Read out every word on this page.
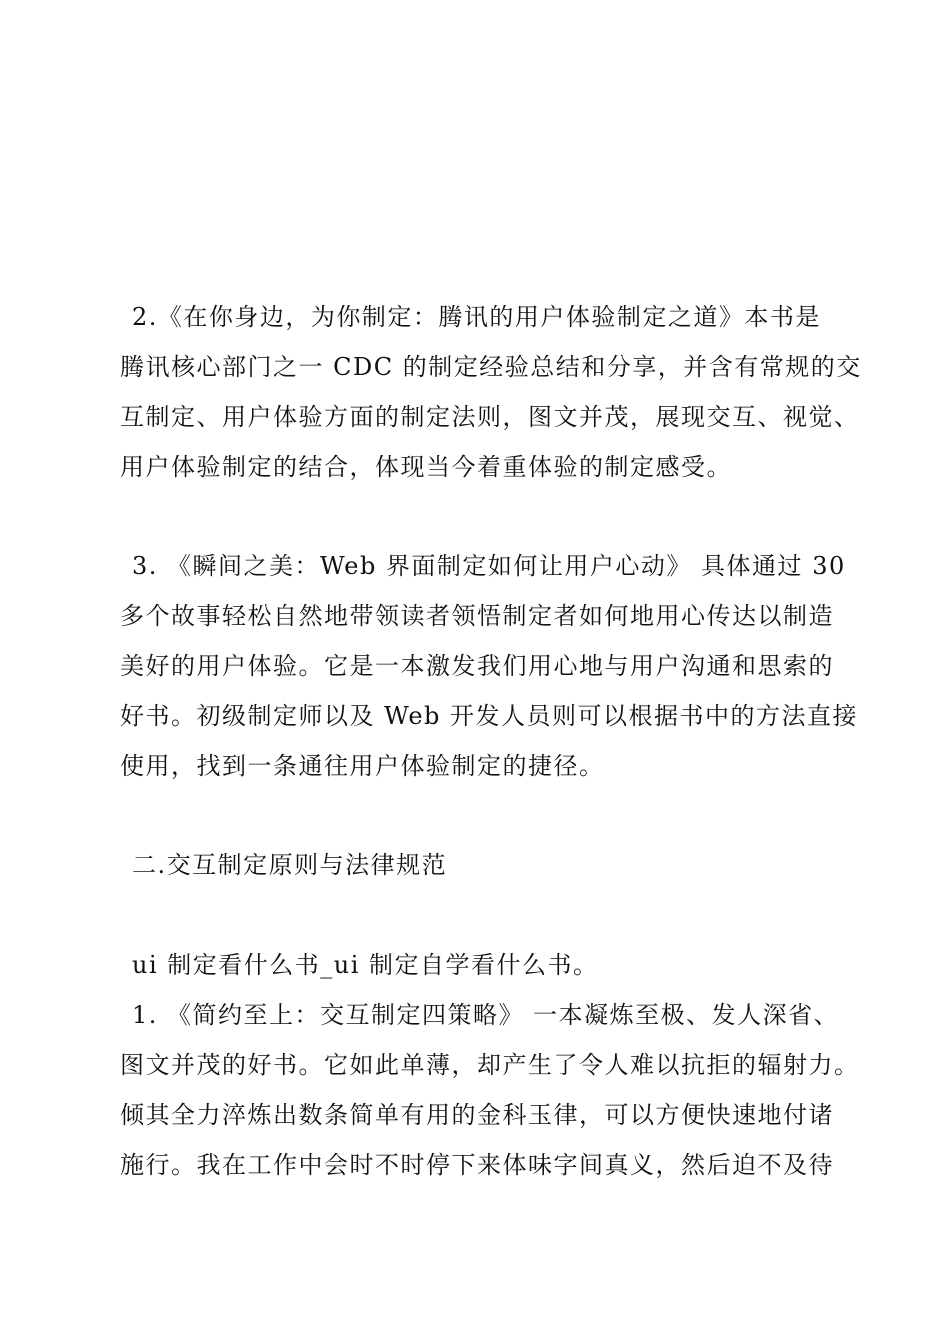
2.《在你身边，为你制定：腾讯的用户体验制定之道》本书是
腾讯核心部门之一 CDC 的制定经验总结和分享，并含有常规的交
互制定、用户体验方面的制定法则，图文并茂，展现交互、视觉、
用户体验制定的结合，体现当今着重体验的制定感受。
3. 《瞬间之美：Web 界面制定如何让用户心动》 具体通过 30
多个故事轻松自然地带领读者领悟制定者如何地用心传达以制造
美好的用户体验。它是一本激发我们用心地与用户沟通和思索的
好书。初级制定师以及 Web 开发人员则可以根据书中的方法直接
使用，找到一条通往用户体验制定的捷径。
二.交互制定原则与法律规范
ui 制定看什么书_ui 制定自学看什么书。
1. 《简约至上：交互制定四策略》 一本凝炼至极、发人深省、
图文并茂的好书。它如此单薄，却产生了令人难以抗拒的辐射力。
倾其全力淬炼出数条简单有用的金科玉律，可以方便快速地付诸
施行。我在工作中会时不时停下来体味字间真义，然后迫不及待
